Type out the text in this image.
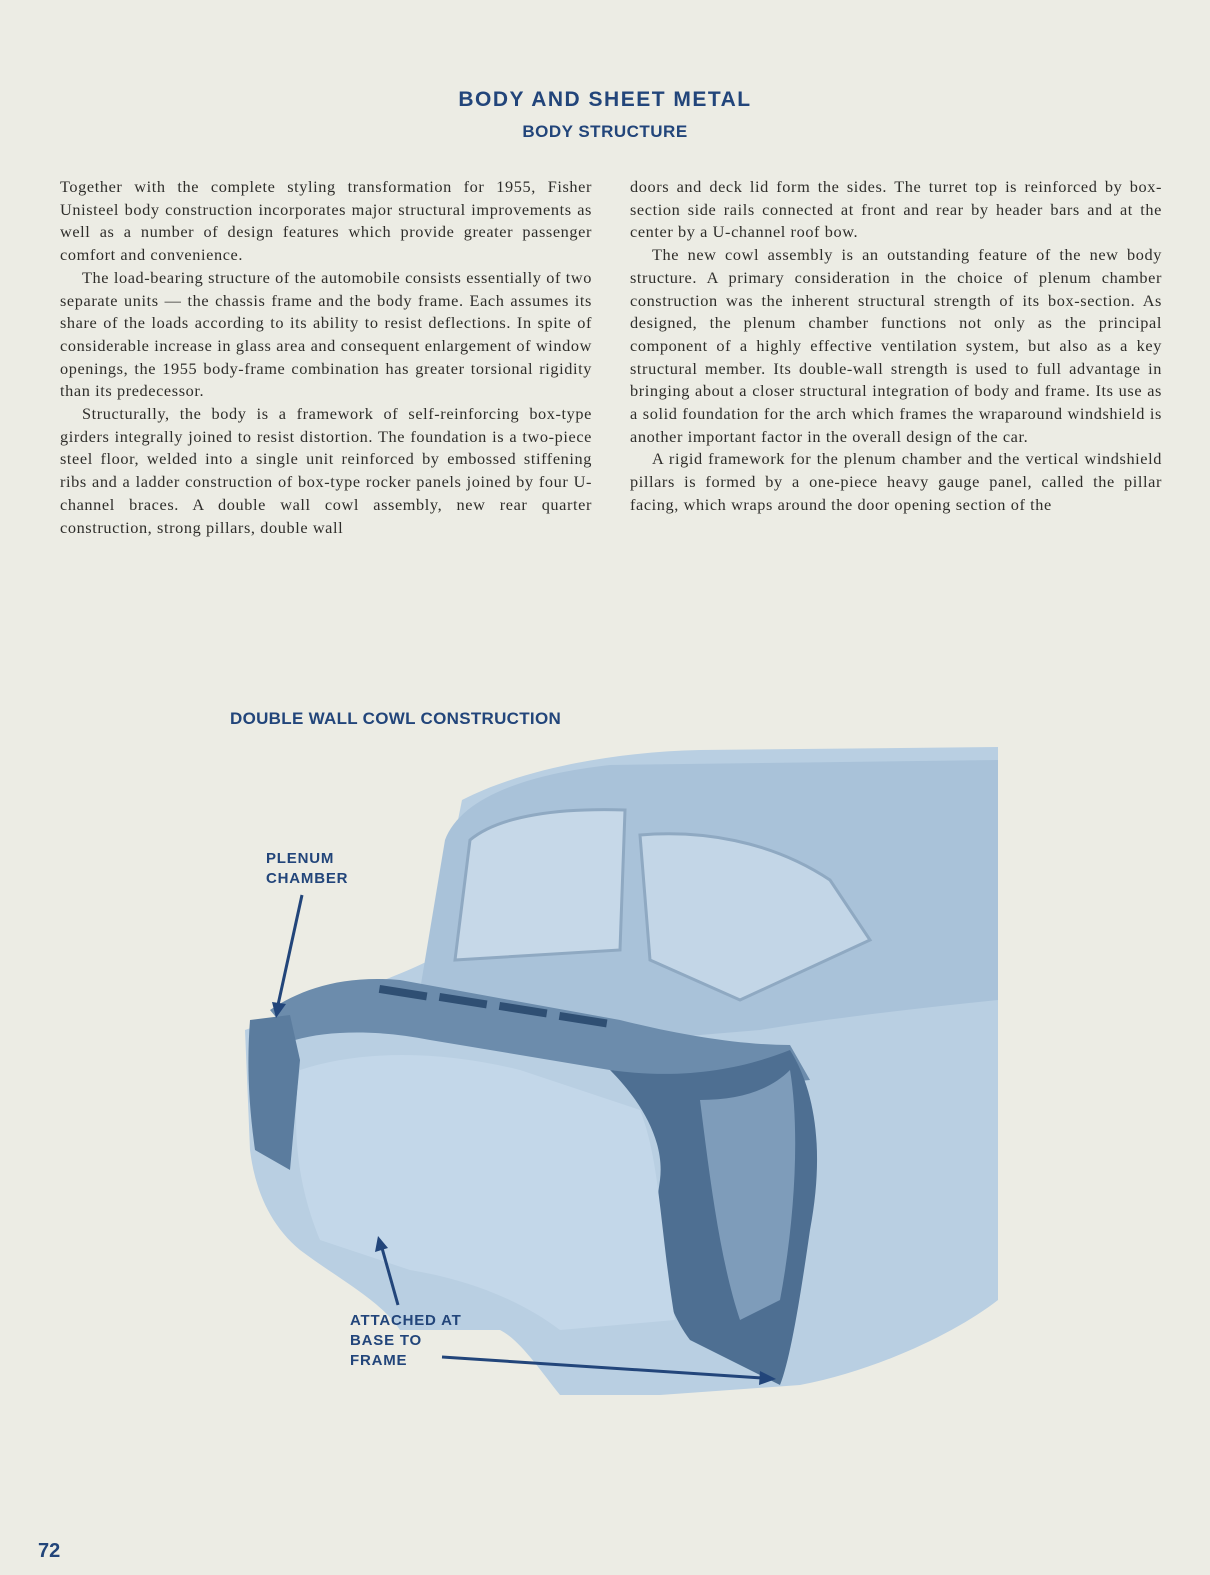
BODY AND SHEET METAL
BODY STRUCTURE

Together with the complete styling transformation for 1955, Fisher Unisteel body construction incorporates major structural improvements as well as a number of design features which provide greater passenger comfort and convenience.

The load-bearing structure of the automobile consists essentially of two separate units — the chassis frame and the body frame. Each assumes its share of the loads according to its ability to resist deflections. In spite of considerable increase in glass area and consequent enlargement of window openings, the 1955 body-frame combination has greater torsional rigidity than its predecessor.

Structurally, the body is a framework of self-reinforcing box-type girders integrally joined to resist distortion. The foundation is a two-piece steel floor, welded into a single unit reinforced by embossed stiffening ribs and a ladder construction of box-type rocker panels joined by four U-channel braces. A double wall cowl assembly, new rear quarter construction, strong pillars, double wall

doors and deck lid form the sides. The turret top is reinforced by box-section side rails connected at front and rear by header bars and at the center by a U-channel roof bow.

The new cowl assembly is an outstanding feature of the new body structure. A primary consideration in the choice of plenum chamber construction was the inherent structural strength of its box-section. As designed, the plenum chamber functions not only as the principal component of a highly effective ventilation system, but also as a key structural member. Its double-wall strength is used to full advantage in bringing about a closer structural integration of body and frame. Its use as a solid foundation for the arch which frames the wraparound windshield is another important factor in the overall design of the car.

A rigid framework for the plenum chamber and the vertical windshield pillars is formed by a one-piece heavy gauge panel, called the pillar facing, which wraps around the door opening section of the

DOUBLE WALL COWL CONSTRUCTION
PLENUM
CHAMBER
ATTACHED AT
BASE TO
FRAME
72
